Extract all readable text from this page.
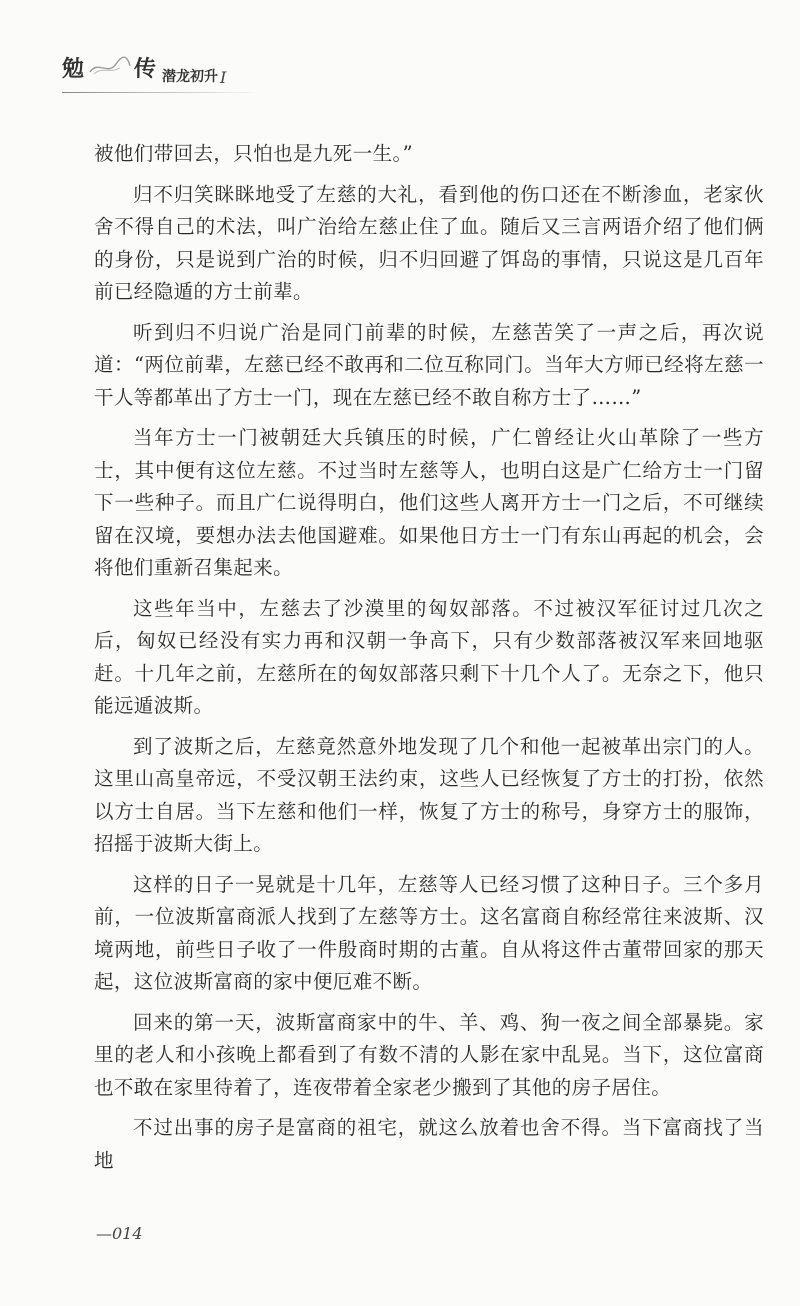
勉 传 潜龙初升 I

被他们带回去，只怕也是九死一生。”

归不归笑眯眯地受了左慈的大礼，看到他的伤口还在不断渗血，老家伙舍不得自己的术法，叫广治给左慈止住了血。随后又三言两语介绍了他们俩的身份，只是说到广治的时候，归不归回避了饵岛的事情，只说这是几百年前已经隐遁的方士前辈。

听到归不归说广治是同门前辈的时候，左慈苦笑了一声之后，再次说道：“两位前辈，左慈已经不敢再和二位互称同门。当年大方师已经将左慈一干人等都革出了方士一门，现在左慈已经不敢自称方士了……”

当年方士一门被朝廷大兵镇压的时候，广仁曾经让火山革除了一些方士，其中便有这位左慈。不过当时左慈等人，也明白这是广仁给方士一门留下一些种子。而且广仁说得明白，他们这些人离开方士一门之后，不可继续留在汉境，要想办法去他国避难。如果他日方士一门有东山再起的机会，会将他们重新召集起来。

这些年当中，左慈去了沙漠里的匈奴部落。不过被汉军征讨过几次之后，匈奴已经没有实力再和汉朝一争高下，只有少数部落被汉军来回地驱赶。十几年之前，左慈所在的匈奴部落只剩下十几个人了。无奈之下，他只能远遁波斯。

到了波斯之后，左慈竟然意外地发现了几个和他一起被革出宗门的人。这里山高皇帝远，不受汉朝王法约束，这些人已经恢复了方士的打扮，依然以方士自居。当下左慈和他们一样，恢复了方士的称号，身穿方士的服饰，招摇于波斯大街上。

这样的日子一晃就是十几年，左慈等人已经习惯了这种日子。三个多月前，一位波斯富商派人找到了左慈等方士。这名富商自称经常往来波斯、汉境两地，前些日子收了一件殷商时期的古董。自从将这件古董带回家的那天起，这位波斯富商的家中便厄难不断。

回来的第一天，波斯富商家中的牛、羊、鸡、狗一夜之间全部暴毙。家里的老人和小孩晚上都看到了有数不清的人影在家中乱晃。当下，这位富商也不敢在家里待着了，连夜带着全家老少搬到了其他的房子居住。

不过出事的房子是富商的祖宅，就这么放着也舍不得。当下富商找了当地

—014
